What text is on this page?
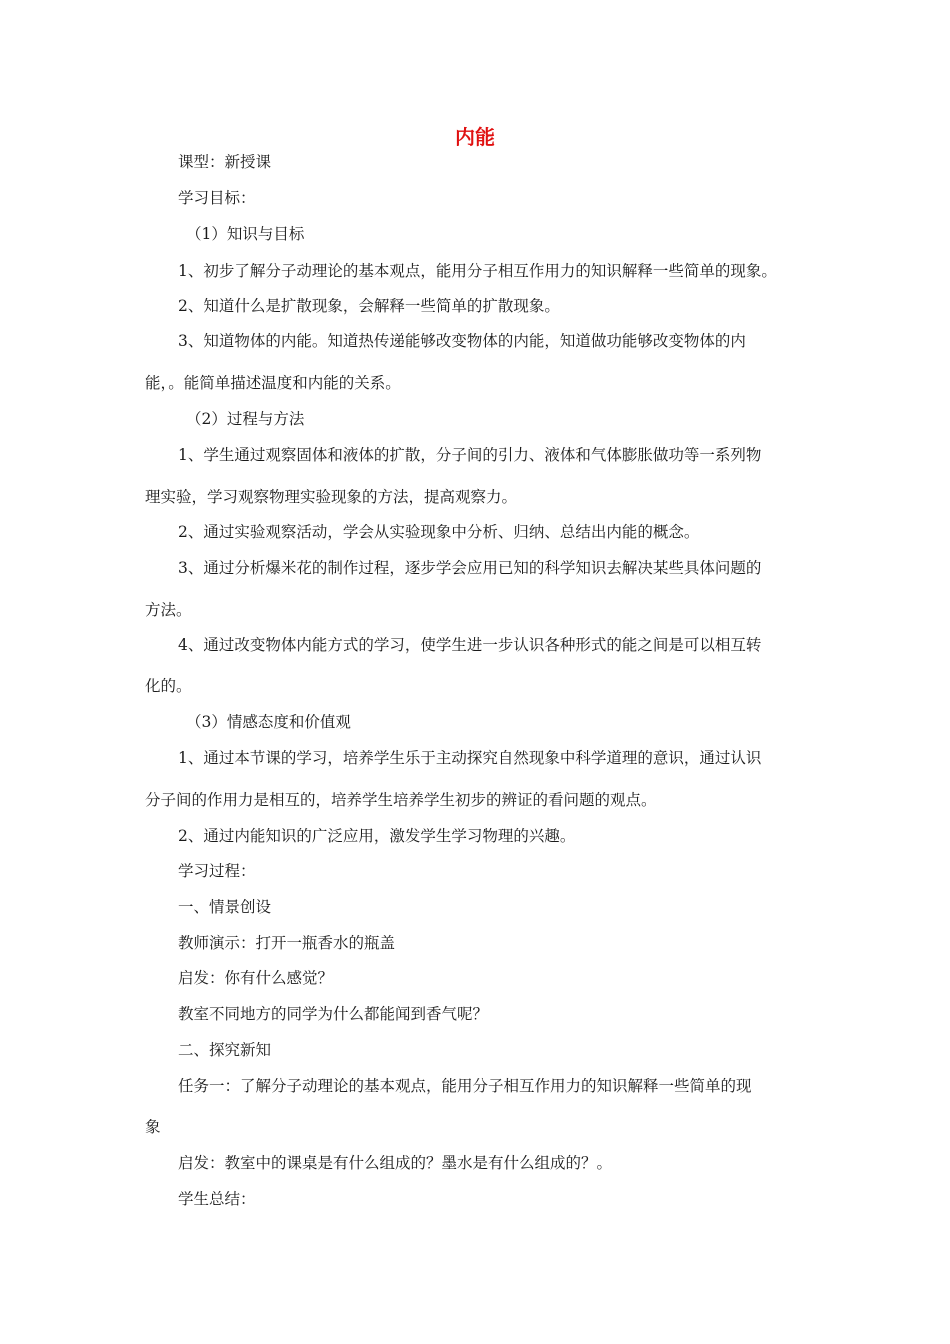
内能

课型：新授课

学习目标：

（1）知识与目标

1、初步了解分子动理论的基本观点，能用分子相互作用力的知识解释一些简单的现象。

2、知道什么是扩散现象，会解释一些简单的扩散现象。

3、知道物体的内能。知道热传递能够改变物体的内能，知道做功能够改变物体的内

能，。能简单描述温度和内能的关系。

（2）过程与方法

1、学生通过观察固体和液体的扩散，分子间的引力、液体和气体膨胀做功等一系列物

理实验，学习观察物理实验现象的方法，提高观察力。

2、通过实验观察活动，学会从实验现象中分析、归纳、总结出内能的概念。

3、通过分析爆米花的制作过程，逐步学会应用已知的科学知识去解决某些具体问题的

方法。

4、通过改变物体内能方式的学习，使学生进一步认识各种形式的能之间是可以相互转

化的。

（3）情感态度和价值观

1、通过本节课的学习，培养学生乐于主动探究自然现象中科学道理的意识，通过认识

分子间的作用力是相互的，培养学生培养学生初步的辨证的看问题的观点。

2、通过内能知识的广泛应用，激发学生学习物理的兴趣。

学习过程：

一、情景创设

教师演示：打开一瓶香水的瓶盖

启发：你有什么感觉？

教室不同地方的同学为什么都能闻到香气呢？

二、探究新知

任务一：了解分子动理论的基本观点，能用分子相互作用力的知识解释一些简单的现

象

启发：教室中的课桌是有什么组成的？墨水是有什么组成的？。

学生总结：
